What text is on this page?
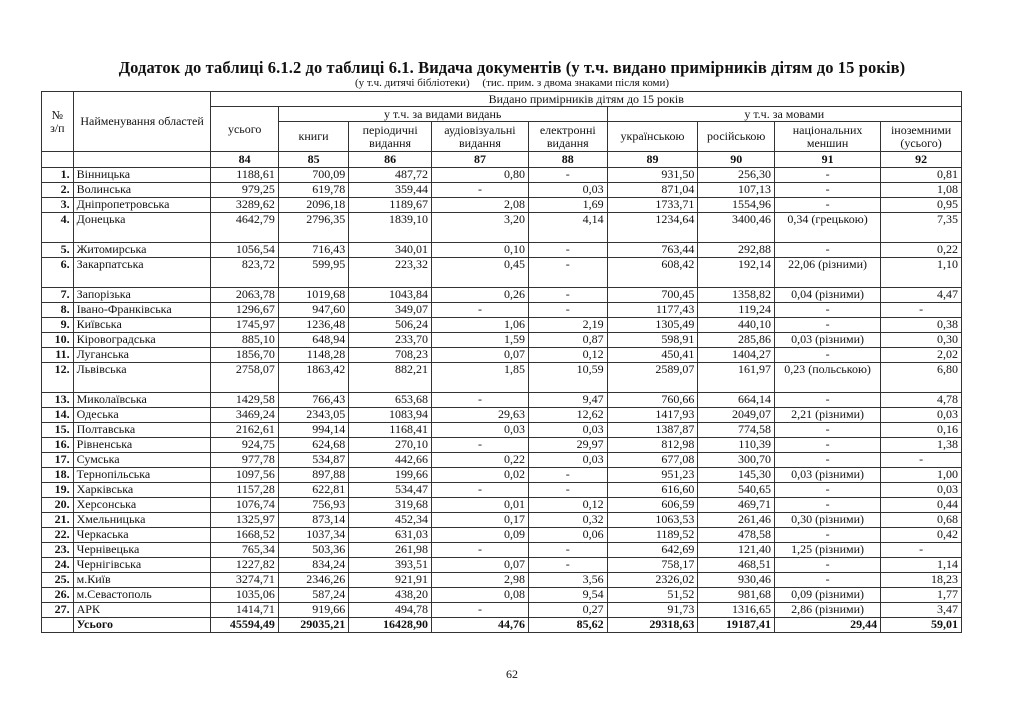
Додаток до таблиці 6.1.2 до таблиці 6.1. Видача документів (у т.ч. видано примірників дітям до 15 років)
(у т.ч. дитячі бібліотеки) (тис. прим. з двома знаками після коми)
№
з/п	Найменування областей	Видано примірників дітям до 15 років								
		усього	у т.ч. за видами видань				у т.ч. за мовами			
			книги	періодичні видання	аудіовізуальні видання	електронні видання	українською	російською	національних меншин	іноземними (усього)
		84	85	86	87	88	89	90	91	92
1.	Вінницька	1188,61	700,09	487,72	0,80	-	931,50	256,30	-	0,81
2.	Волинська	979,25	619,78	359,44	-	0,03	871,04	107,13	-	1,08
3.	Дніпропетровська	3289,62	2096,18	1189,67	2,08	1,69	1733,71	1554,96	-	0,95
4.	Донецька	4642,79	2796,35	1839,10	3,20	4,14	1234,64	3400,46	0,34 (грецькою)	7,35
5.	Житомирська	1056,54	716,43	340,01	0,10	-	763,44	292,88	-	0,22
6.	Закарпатська	823,72	599,95	223,32	0,45	-	608,42	192,14	22,06 (різними)	1,10
7.	Запорізька	2063,78	1019,68	1043,84	0,26	-	700,45	1358,82	0,04 (різними)	4,47
8.	Івано-Франківська	1296,67	947,60	349,07	-	-	1177,43	119,24	-	-
9.	Київська	1745,97	1236,48	506,24	1,06	2,19	1305,49	440,10	-	0,38
10.	Кіровоградська	885,10	648,94	233,70	1,59	0,87	598,91	285,86	0,03 (різними)	0,30
11.	Луганська	1856,70	1148,28	708,23	0,07	0,12	450,41	1404,27	-	2,02
12.	Львівська	2758,07	1863,42	882,21	1,85	10,59	2589,07	161,97	0,23 (польською)	6,80
13.	Миколаївська	1429,58	766,43	653,68	-	9,47	760,66	664,14	-	4,78
14.	Одеська	3469,24	2343,05	1083,94	29,63	12,62	1417,93	2049,07	2,21 (різними)	0,03
15.	Полтавська	2162,61	994,14	1168,41	0,03	0,03	1387,87	774,58	-	0,16
16.	Рівненська	924,75	624,68	270,10	-	29,97	812,98	110,39	-	1,38
17.	Сумська	977,78	534,87	442,66	0,22	0,03	677,08	300,70	-	-
18.	Тернопільська	1097,56	897,88	199,66	0,02	-	951,23	145,30	0,03 (різними)	1,00
19.	Харківська	1157,28	622,81	534,47	-	-	616,60	540,65	-	0,03
20.	Херсонська	1076,74	756,93	319,68	0,01	0,12	606,59	469,71	-	0,44
21.	Хмельницька	1325,97	873,14	452,34	0,17	0,32	1063,53	261,46	0,30 (різними)	0,68
22.	Черкаська	1668,52	1037,34	631,03	0,09	0,06	1189,52	478,58	-	0,42
23.	Чернівецька	765,34	503,36	261,98	-	-	642,69	121,40	1,25 (різними)	-
24.	Чернігівська	1227,82	834,24	393,51	0,07	-	758,17	468,51	-	1,14
25.	м.Київ	3274,71	2346,26	921,91	2,98	3,56	2326,02	930,46	-	18,23
26.	м.Севастополь	1035,06	587,24	438,20	0,08	9,54	51,52	981,68	0,09 (різними)	1,77
27.	АРК	1414,71	919,66	494,78	-	0,27	91,73	1316,65	2,86 (різними)	3,47
	Усього	45594,49	29035,21	16428,90	44,76	85,62	29318,63	19187,41	29,44	59,01
62
